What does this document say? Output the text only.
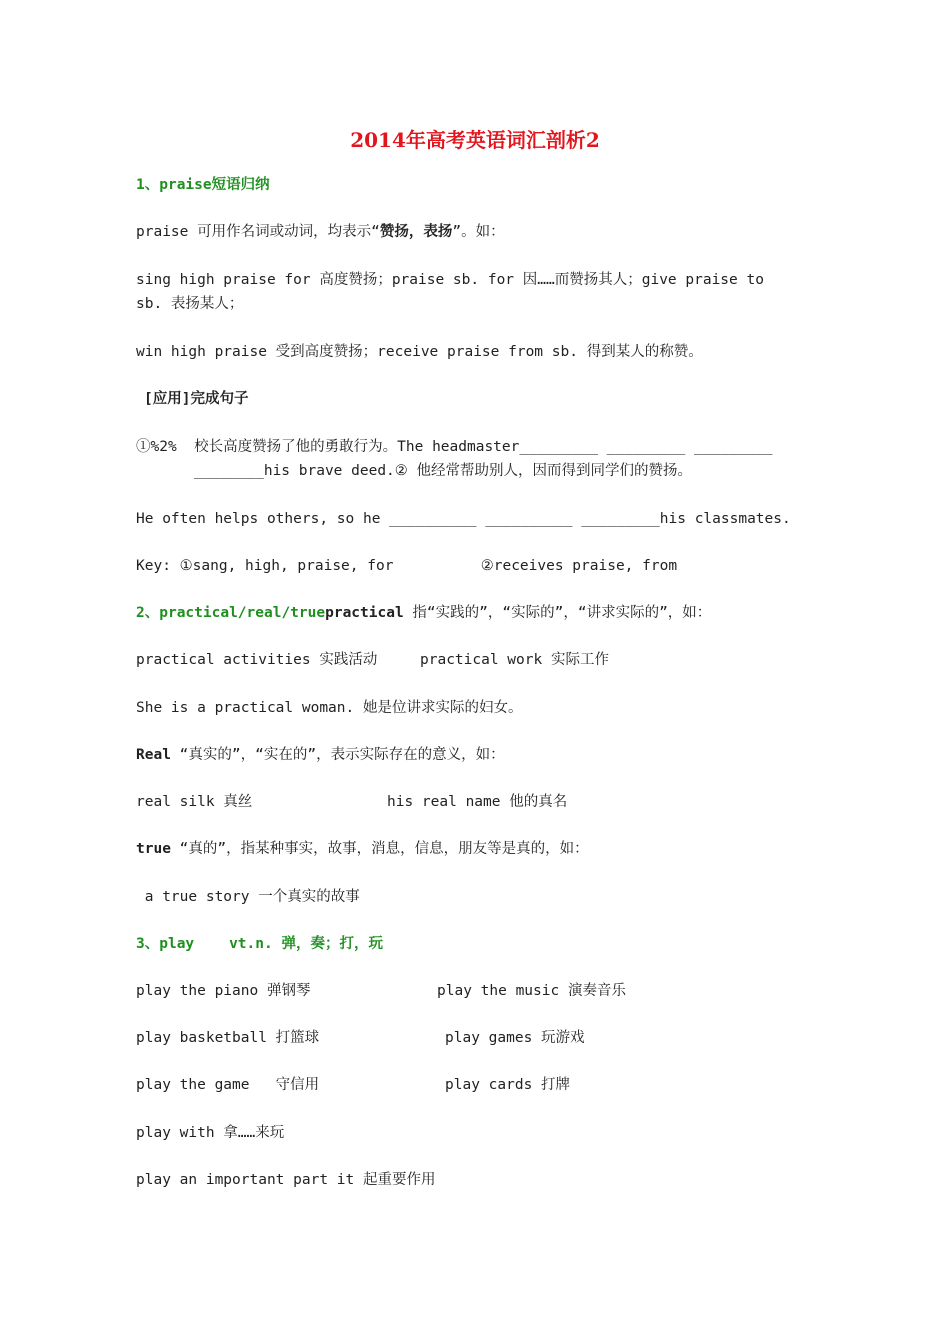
2014年高考英语词汇剖析2

1、praise短语归纳

praise 可用作名词或动词，均表示“赞扬，表扬”。如：

sing high praise for 高度赞扬；praise sb. for 因……而赞扬其人；give praise to

sb. 表扬某人；

win high praise 受到高度赞扬；receive praise from sb. 得到某人的称赞。

[应用]完成句子

①%2%  校长高度赞扬了他的勇敢行为。The headmaster_________ _________ _________

________his brave deed.② 他经常帮助别人，因而得到同学们的赞扬。

He often helps others, so he __________ __________ _________his classmates.

Key: ①sang, high, praise, for          ②receives praise, from

2、practical/real/truepractical 指“实践的”，“实际的”，“讲求实际的”，如：

practical activities 实践活动	practical work 实际工作

She is a practical woman. 她是位讲求实际的妇女。

Real “真实的”，“实在的”，表示实际存在的意义，如：

real silk 真丝	his real name 他的真名

true “真的”，指某种事实，故事，消息，信息，朋友等是真的，如：

a true story 一个真实的故事

3、play    vt.n. 弹，奏；打，玩

play the piano 弹钢琴	play the music 演奏音乐

play basketball 打篮球	play games 玩游戏

play the game   守信用	play cards 打牌

play with 拿……来玩

play an important part it 起重要作用
